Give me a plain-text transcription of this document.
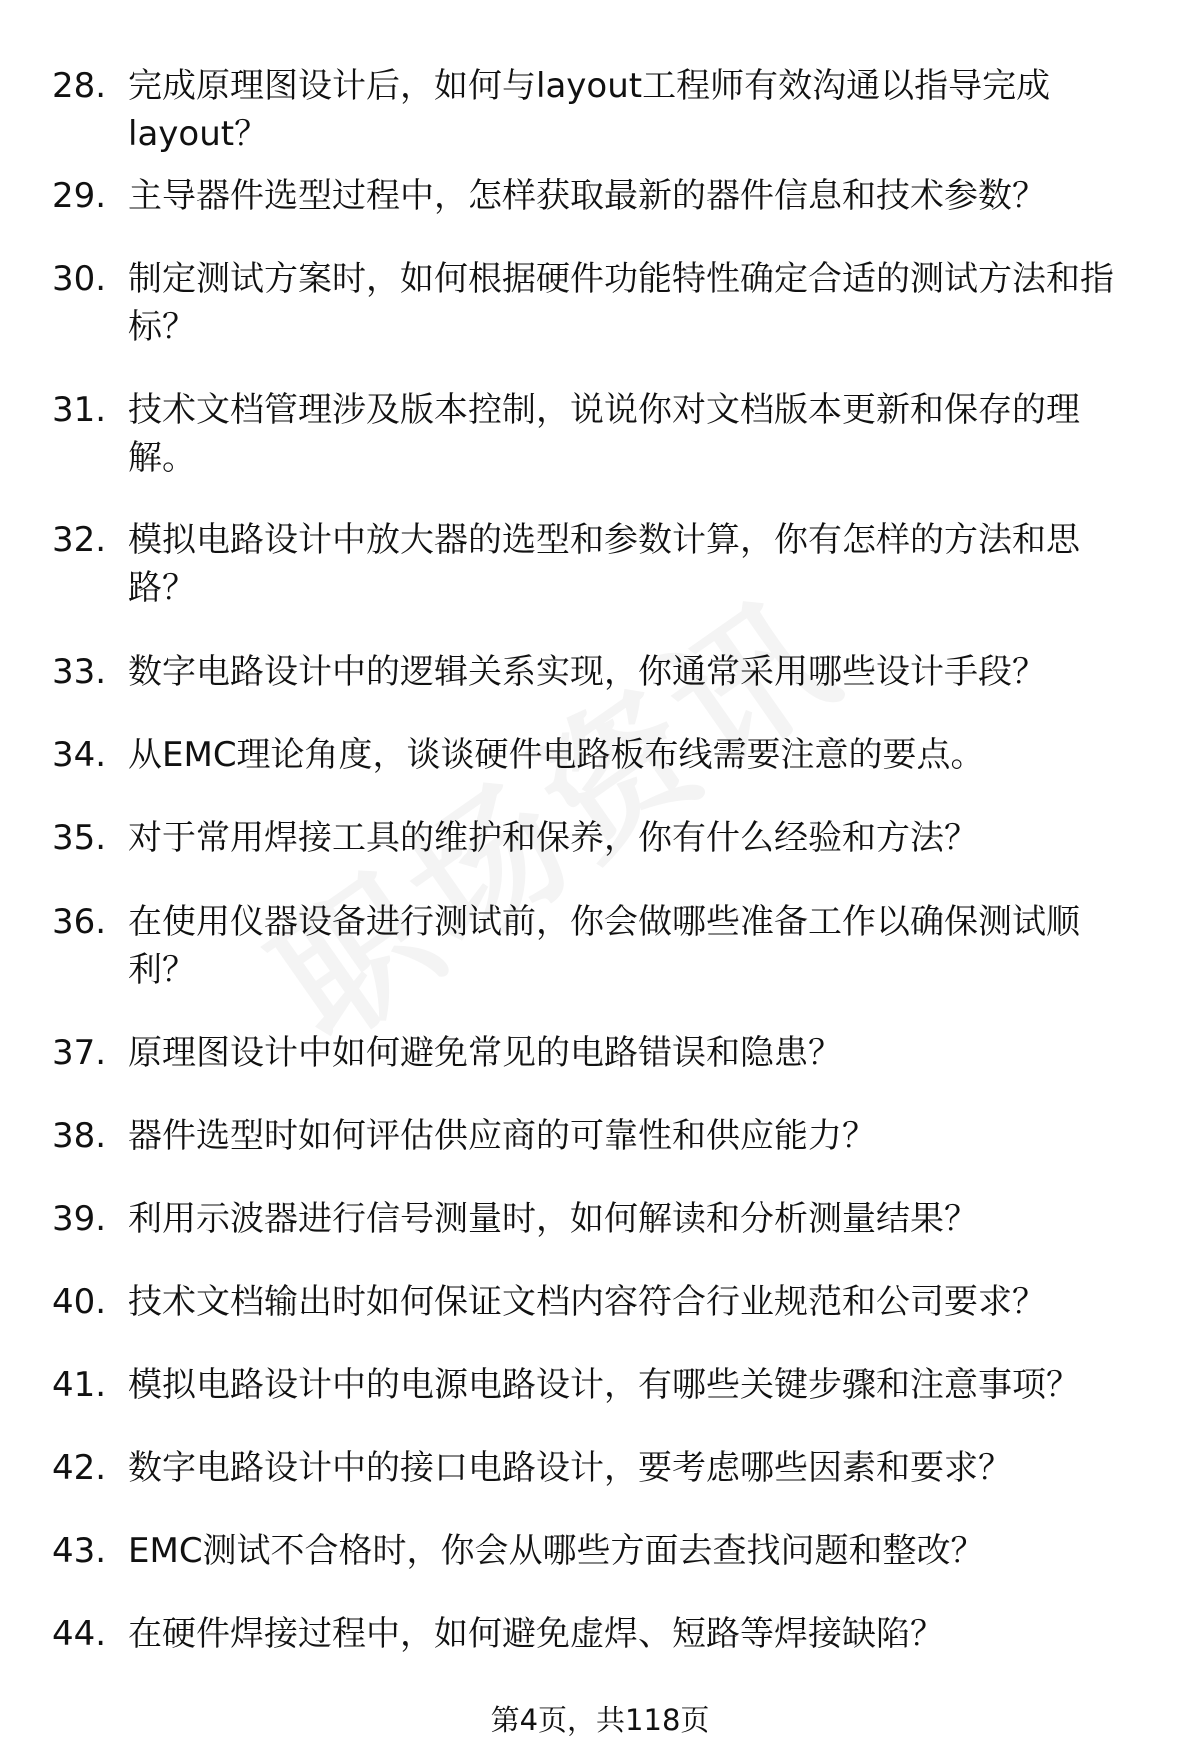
28. 完成原理图设计后，如何与layout工程师有效沟通以指导完成layout？
29. 主导器件选型过程中，怎样获取最新的器件信息和技术参数？
30. 制定测试方案时，如何根据硬件功能特性确定合适的测试方法和指标？
31. 技术文档管理涉及版本控制，说说你对文档版本更新和保存的理解。
32. 模拟电路设计中放大器的选型和参数计算，你有怎样的方法和思路？
33. 数字电路设计中的逻辑关系实现，你通常采用哪些设计手段？
34. 从EMC理论角度，谈谈硬件电路板布线需要注意的要点。
35. 对于常用焊接工具的维护和保养，你有什么经验和方法？
36. 在使用仪器设备进行测试前，你会做哪些准备工作以确保测试顺利？
37. 原理图设计中如何避免常见的电路错误和隐患？
38. 器件选型时如何评估供应商的可靠性和供应能力？
39. 利用示波器进行信号测量时，如何解读和分析测量结果？
40. 技术文档输出时如何保证文档内容符合行业规范和公司要求？
41. 模拟电路设计中的电源电路设计，有哪些关键步骤和注意事项？
42. 数字电路设计中的接口电路设计，要考虑哪些因素和要求？
43. EMC测试不合格时，你会从哪些方面去查找问题和整改？
44. 在硬件焊接过程中，如何避免虚焊、短路等焊接缺陷？
第4页，共118页
